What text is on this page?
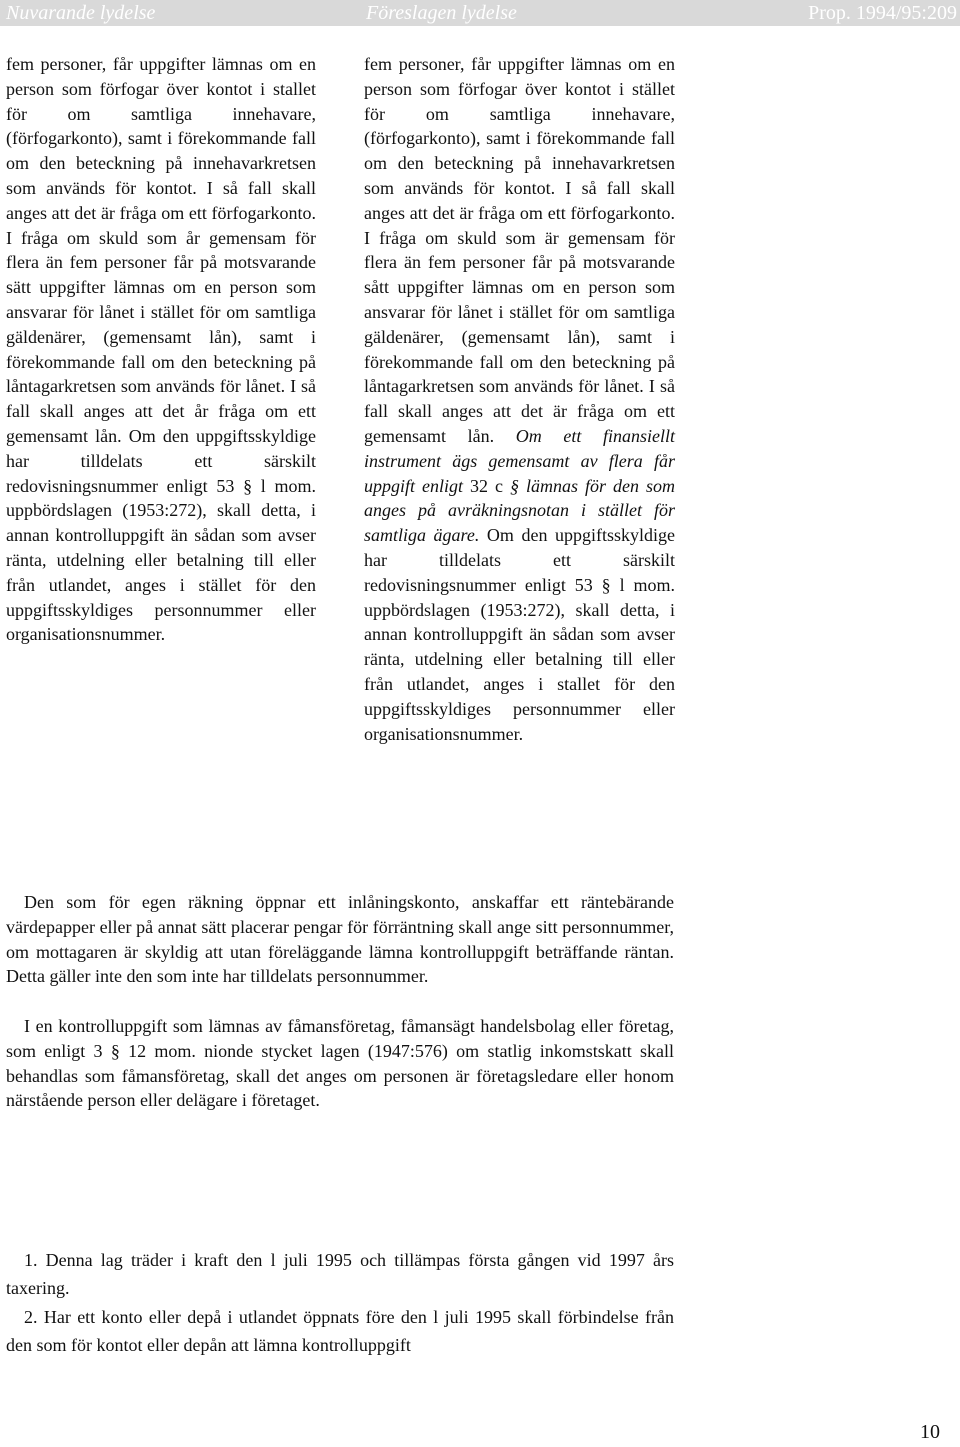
Nuvarande lydelse	Föreslagen lydelse	Prop. 1994/95:209
fem personer, får uppgifter lämnas om en person som förfogar över kontot i stallet för om samtliga innehavare, (förfogarkonto), samt i förekommande fall om den beteckning på innehavarkretsen som används för kontot. I så fall skall anges att det är fråga om ett förfogarkonto. I fråga om skuld som år gemensam för flera än fem personer får på motsvarande sätt uppgifter lämnas om en person som ansvarar för lånet i stället för om samtliga gäldenärer, (gemensamt lån), samt i förekommande fall om den beteckning på låntagarkretsen som används för lånet. I så fall skall anges att det år fråga om ett gemensamt lån. Om den uppgiftsskyldige har tilldelats ett särskilt redovisningsnummer enligt 53 § l mom. uppbördslagen (1953:272), skall detta, i annan kontrolluppgift än sådan som avser ränta, utdelning eller betalning till eller från utlandet, anges i stället för den uppgiftsskyldiges personnummer eller organisationsnummer.
fem personer, får uppgifter lämnas om en person som förfogar över kontot i stället för om samtliga innehavare, (förfogarkonto), samt i förekommande fall om den beteckning på innehavarkretsen som används för kontot. I så fall skall anges att det är fråga om ett förfogarkonto. I fråga om skuld som är gemensam för flera än fem personer får på motsvarande sått uppgifter lämnas om en person som ansvarar för lånet i stället för om samtliga gäldenärer, (gemensamt lån), samt i förekommande fall om den beteckning på låntagarkretsen som används för lånet. I så fall skall anges att det är fråga om ett gemensamt lån. Om ett finansiellt instrument ägs gemensamt av flera får uppgift enligt 32 c § lämnas för den som anges på avräkningsnotan i stället för samtliga ägare. Om den uppgiftsskyldige har tilldelats ett särskilt redovisningsnummer enligt 53 § l mom. uppbördslagen (1953:272), skall detta, i annan kontrolluppgift än sådan som avser ränta, utdelning eller betalning till eller från utlandet, anges i stallet för den uppgiftsskyldiges personnummer eller organisationsnummer.

Den som för egen räkning öppnar ett inlåningskonto, anskaffar ett räntebärande värdepapper eller på annat sätt placerar pengar för förräntning skall ange sitt personnummer, om mottagaren är skyldig att utan föreläggande lämna kontrolluppgift beträffande räntan. Detta gäller inte den som inte har tilldelats personnummer.

I en kontrolluppgift som lämnas av fåmansföretag, fåmansägt handelsbolag eller företag, som enligt 3 § 12 mom. nionde stycket lagen (1947:576) om statlig inkomstskatt skall behandlas som fåmansföretag, skall det anges om personen är företagsledare eller honom närstående person eller delägare i företaget.

1. Denna lag träder i kraft den l juli 1995 och tillämpas första gången vid 1997 års taxering.

2. Har ett konto eller depå i utlandet öppnats före den l juli 1995 skall förbindelse från den som för kontot eller depån att lämna kontrolluppgift

10
